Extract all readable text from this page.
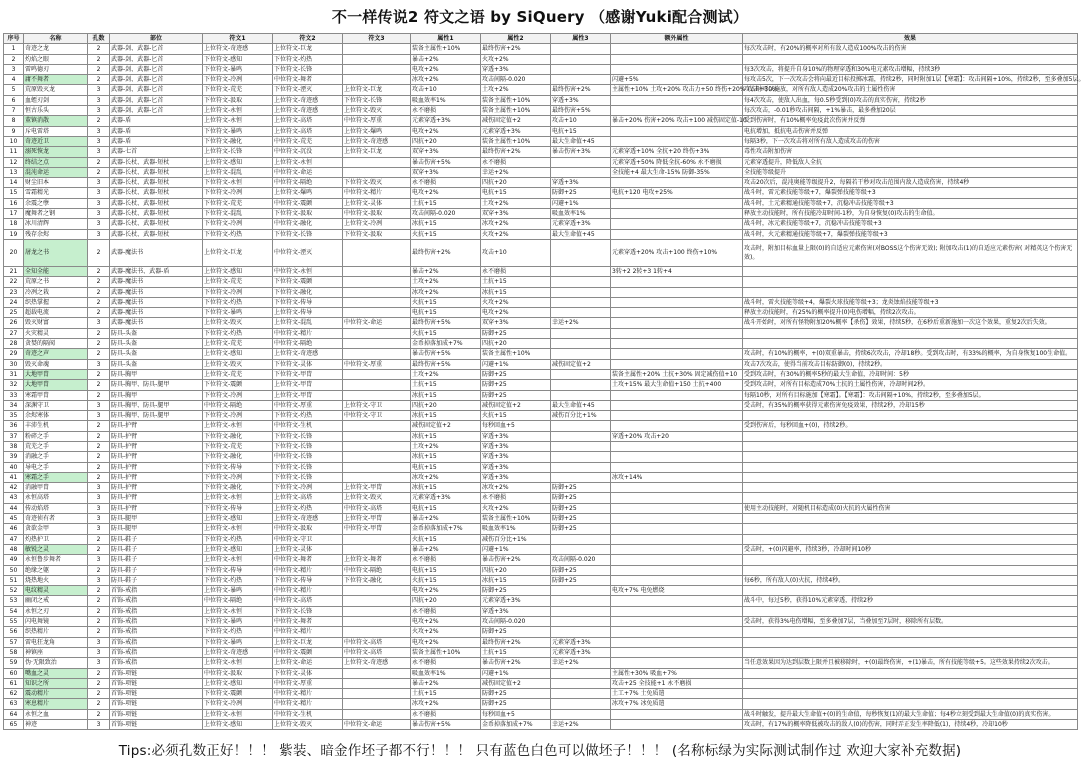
不一样传说2 符文之语 by SiQuery （感谢Yuki配合测试）
序号	名称	孔数	部位	符文1	符文2	符文3	属性1	属性2	属性3	额外属性	效果
1	奇迹之龙	2	武器-剑、武器-匕首	上位符文-奇迹感	上位符文-巨龙		装备主属性+10%	最终伤害+2%			每次攻击时，有20%的概率对所有敌人造成100%攻击的伤害
2	灼焰之眼	2	武器-剑、武器-匕首	下位符文-感知	下位符文-灼热		暴击+2%	火攻+2%			
3	雷鸣德刃	2	武器-剑、武器-匕首	下位符文-暴鸣	下位符文-长锋		电攻+2%	穿透+3%			每3次攻击，将提升自身10%的物理穿透和30%电元素攻击增幅，持续3秒
4	庸不舞者	2	武器-剑、武器-匕首	下位符文-冷冽	中位符文-舞者		冰攻+2%	攻击间隔-0.020		闪避+5%	每攻击5次，下一次攻击会将向最近目标投掷冰霜，持续2秒，同时附加1层【寒霜】：攻击间隔+10%，持续2秒，至多叠加5层。
5	荒原毁灭龙	3	武器-剑、武器-匕首	下位符文-荒芜	下位符文-湮灭	上位符文-巨龙	攻击+10	土攻+2%	最终伤害+2%	主属性+10% 土攻+20% 攻击力+50 终伤+20% 攻击+30%	攻击时可以施放，对所有敌人造成20%攻击的土属性伤害
6	血蛭刃剑	3	武器-剑、武器-匕首	下位符文-汲取	上位符文-奇迹感	下位符文-长锋	吸血效率1%	装备主属性+10%	穿透+3%		每4次攻击，使敌人出血，每0.5秒受到(0)攻击的真实伤害，持续2秒
7	恒古乐头	3	武器-剑、武器-匕首	上位符文-永恒	上位符文-奇迹感	上位符文-毁灭	永不磨损	装备主属性+10%	最终伤害+5%		每次攻击，-0.01秒攻击间隔，+1%暴击，最多叠加20层
8	董镇消散	2	武器-盾	上位符文-永恒	上位符文-高塔	中位符文-厚重	元素穿透+3%	减伤固定值+2	攻击+10	暴击+20% 伤害+20% 攻击+100 减伤固定值-10	受到伤害时，有10%概率免疫此次伤害并反弹
9	斥电雷塔	3	武器-盾	下位符文-暴鸣	上位符文-高塔	上位符文-爆鸣	电攻+2%	元素穿透+3%	电抗+15		电抗增加，抵抗电击伤害并反弹
10	奇迹近卫	3	武器-盾	下位符文-融化	中位符文-荒芜	上位符文-奇迹感	四抗+20	装备主属性+10%	最大生命值+45		每隔3秒，下一次攻击将对所有敌人造成攻击的伤害
11	溺死恢龙	3	武器-七首	上位符文-长锋	中位符文-沉没	上位符文-巨龙	双穿+3%	最终伤害+2%	暴击伤害+3%	元素穿透+10% 全抗+20 终伤+3%	毒性攻击附加伤害
12	终结之点	2	武器-长杖、武器-短杖	上位符文-感知	上位符文-永恒		暴击伤害+5%	永不磨损		元素穿透+50% 降低全抗-60% 永不磨损	元素穿透提升，降低敌人全抗
13	混沌命运	2	武器-长杖、武器-短杖	上位符文-混乱	中位符文-命运		双穿+3%	幸运+2%		全技能+4 最大生命-15% 防御-35%	全技能等级提升
14	财尘旧本	3	武器-长杖、武器-短杖	下位符文-永恒	中位符文-隔绝	下位符文-毁灭	永不磨损	四抗+20	穿透+3%		攻击20次后，混沌奥能等级提升2，每隔若干秒对攻击范围内敌人造成伤害，持续4秒
15	雪霜精光	3	武器-长杖、武器-短杖	下位符文-冷冽	上位符文-爆鸣	中位符文-精片	电攻+2%	电抗+15	防御+25	电抗+120 电攻+25%	战斗时，雷元素技能等级+7，爆裂弹技能等级+3
16	余震之孽	3	武器-长杖、武器-短杖	下位符文-荒芜	中位符文-震颤	上位符文-灵体	土抗+15	土攻+2%	闪避+1%		战斗时，土元素精通技能等级+7，沉稳冲击技能等级+3
17	魔舞者之钢	3	武器-长杖、武器-短杖	下位符文-混乱	下位符文-汲取	中位符文-汲取	攻击间隔-0.020	双穿+3%	吸血效率1%		释放主动技能时，所有技能冷却时间-1秒，为自身恢复(0)攻击的生命值。
18	冰川清辉	3	武器-长杖、武器-短杖	下位符文-冷冽	中位符文-融化	上位符文-冷冽	冰抗+15	冰攻+2%	元素穿透+3%		战斗时，冰元素技能等级+7，沉稳冲击技能等级+3
19	残存余烬	3	武器-长杖、武器-短杖	下位符文-灼热	下位符文-长锋	下位符文-汲取	火抗+15	火攻+2%	最大生命值+45		战斗时，火元素精通技能等级+7，爆裂弹技能等级+3
20	屠龙之书	2	武器-魔法书	上位符文-巨龙	中位符文-湮灭		最终伤害+2%	攻击+10		元素穿透+20% 攻击+100 终伤+10%	攻击时，附加目标血量上限(0)的自适应元素伤害(对BOSS这个伤害无效); 附加攻击(1)的自适应元素伤害( 对精英这个伤害无效)。
21	全知全能	2	武器-魔法书、武器-盾	上位符文-感知	中位符文-永恒		暴击+2%	永不磨损		3转+2 2转+3 1转+4	
22	荒原之书	2	武器-魔法书	上位符文-荒芜	下位符文-震颤		土攻+2%	土抗+15			
23	冷冽之栽	2	武器-魔法书	下位符文-冷冽	下位符文-融化		冰攻+2%	冰抗+15			
24	织热掌握	2	武器-魔法书	下位符文-灼热	下位符文-传导		火抗+15	火攻+2%			战斗时，雷火技能等级+4，爆裂火球技能等级+3；龙炎蚀焰技能等级+3
25	超载电流	2	武器-魔法书	下位符文-暴鸣	上位符文-传导		电抗+15	电攻+2%			释放主动技能时，有25%的概率提升(0)电伤增幅，持续2次攻击。
26	毁灭财富	3	武器-魔法书	上位符文-毁灭	上位符文-混乱	中位符文-命运	最终伤害+5%	双穿+3%	幸运+2%		战斗开始时，对所有怪物附加20%概率【杀伤】效果，持续5秒，在6秒后重新施加一次这个效果，重复2次后失效。
27	火灾精灵	2	防具-头盔	下位符文-灼热	中位符文-精片		火抗+15	防御+25			
28	贪婪的隔阂	2	防具-头盔	上位符文-荒芜	中位符文-隔绝		金币掉落加成+7%	四抗+20			
29	奇迹之声	2	防具-头盔	上位符文-感知	上位符文-奇迹感		暴击伤害+5%	装备主属性+10%			攻击时，有10%的概率，+(0)双重暴击，持续6次攻击，冷却18秒。受到攻击时，有33%的概率，为自身恢复100生命值。
30	毁灭命魂	3	防具-头盔	上位符文-毁灭	下位符文-灵体	中位符文-厚重	最终伤害+5%	闪避+1%	减伤固定值+2		攻击7次攻击，使得当前攻击目标防御(0)，持续2秒。
31	大地甲胄	2	防具-胸甲	上位符文-荒芜	下位符文-甲胄		土攻+2%	防御+25		装备主属性+20% 土抗+30% 固定减伤值+10	受到攻击时，有30%的概率5秒的最大生命值，冷却时间：5秒
32	大地甲胄	2	防具-胸甲、防具-腿甲	下位符文-震颤	上位符文-甲胄		土抗+15	防御+25		土攻+15% 最大生命值+150 土抗+400	受到攻击时，对所有目标造成70%土抗的土属性伤害，冷却时间2秒。
33	寒霜甲胄	2	防具-胸甲	下位符文-冷冽	上位符文-甲胄		冰抗+15	防御+25			每隔10秒，对所有目标施加【寒霜】。【寒霜】：攻击间隔+10%，持续2秒，至多叠加5层。
34	深渊守卫	3	防具-胸甲、防具-腿甲	中位符文-隔绝	中位符文-厚重	上位符文-守卫	四抗+20	减伤固定值+2	最大生命值+45		受击时，有35%的概率获得元素伤害免疫效果，持续2秒，冷却15秒
35	余烬寒体	3	防具-胸甲、防具-腿甲	下位符文-冷冽	下位符文-灼热	中位符文-守卫	冰抗+15	火抗+15	减伤百分比+1%		
36	丰沛生机	2	防具-护臂	上位符文-永恒	中位符文-生机		减伤固定值+2	每秒回血+5			受到伤害后，每秒回血+(0)，持续2秒。
37	粉碎之手	2	防具-护臂	下位符文-融化	下位符文-长锋		冰抗+15	穿透+3%		穿透+20% 攻击+20	
38	荒芜之手	2	防具-护臂	下位符文-荒芜	下位符文-长锋		土攻+2%	穿透+3%			
39	消融之手	2	防具-护臂	下位符文-融化	中位符文-长锋		冰抗+15	穿透+3%			
40	导电之手	2	防具-护臂	下位符文-传导	下位符文-长锋		电抗+15	穿透+3%			
41	寒霜之手	2	防具-护臂	下位符文-冷冽	下位符文-长锋		冰攻+2%	穿透+3%		冰攻+14%	
42	消融甲胄	3	防具-护臂	下位符文-融化	下位符文-冷冽	上位符文-甲胄	冰抗+15	冰攻+2%	防御+25		
43	永恒高塔	3	防具-护臂	上位符文-永恒	上位符文-高塔	上位符文-毁灭	元素穿透+3%	永不磨损	防御+25		
44	传动焰塔	3	防具-护臂	下位符文-传导	上位符文-灼热	中位符文-高塔	电抗+15	火攻+2%	防御+25		使用主动技能时，对随机目标造成(0)火抗的火属性伤害
45	奇迹侦有者	3	防具-腿甲	上位符文-感知	上位符文-奇迹感	上位符文-甲胄	暴击+2%	装备主属性+10%	防御+25		
46	贪欲金甲	3	防具-腿甲	上位符文-永恒	中位符文-汲取	中位符文-甲胄	金币掉落加成+7%	吸血效率1%	防御+25		
47	灼热护卫	2	防具-鞋子	下位符文-灼热	中位符文-守卫		火抗+15	减伤百分比+1%			
48	敏锐之灵	2	防具-鞋子	上位符文-感知	上位符文-灵体		暴击+2%	闪避+1%			受击时，+(0)闪避率，持续3秒，冷却时间10秒
49	永恒鲁步舞者	3	防具-鞋子	上位符文-永恒	中位符文-舞者	上位符文-舞者	永不磨损	暴击伤害+2%	攻击间隔-0.020		
50	绝缘之躯	2	防具-鞋子	下位符文-传导	中位符文-精片	中位符文-隔绝	电抗+15	四抗+20	防御+25		
51	烧热地火	3	防具-鞋子	下位符文-灼热	下位符文-传导	下位符文-融化	火抗+15	冰抗+15	防御+25		每6秒，所有敌人(0)火抗，持续4秒。
52	电纹精灵	2	首饰-戒指	上位符文-暴鸣	中位符文-精片		电攻+2%	防御+25		电攻+7% 电免燃烧	
53	幽闭之戒	2	首饰-戒指	中位符文-隔绝	中位符文-高塔		四抗+20	元素穿透+3%			战斗中，每过5秒，获得10%元素穿透，持续2秒
54	永恒之刃	2	首饰-戒指	上位符文-永恒	下位符文-长锋		永不磨损	穿透+3%			
55	闪电舞镜	2	首饰-戒指	下位符文-暴鸣	中位符文-舞者		电攻+2%	攻击间隔-0.020			受击时，获得3%电伤增幅，至多叠加7层，当叠加至7层时，移除所有层数。
56	织热精片	2	首饰-戒指	下位符文-灼热	中位符文-精片		火攻+2%	防御+25			
57	雷电狂龙角	3	首饰-戒指	下位符文-暴鸣	上位符文-巨龙	中位符文-高塔	电攻+2%	最终伤害+2%	元素穿透+3%		
58	神镇座	3	首饰-戒指	上位符文-奇迹感	中位符文-震颤	中位符文-高塔	装备主属性+10%	土抗+15	元素穿透+3%		
59	伪·无限致治	3	首饰-戒指	上位符文-永恒	上位符文-命运	上位符文-奇迹感	永不磨损	暴击伤害+2%	幸运+2%		当任意效果因为达到层数上限并且被移除时，+(0)最终伤害，+(1)暴击，所有技能等级+5。这些效果持续2次攻击。
60	嘴血之灵	2	首饰-项链	中位符文-汲取	下位符文-灵体		吸血效率1%	闪避+1%		主属性+30% 吸血+7%	
61	知识之所	2	首饰-项链	上位符文-感知	中位符文-厚重		暴击+2%	减伤固定值+2		攻击+25 全技能+1 永不磨损	
62	震动精片	2	首饰-项链	下位符文-震颤	中位符文-精片		土抗+15	防御+25		土工+7% 土免质遣	
63	寒息精片	2	首饰-项链	下位符文-冷冽	中位符文-精片		冰攻+2%	防御+25		冰攻+7% 冰免质遣	
64	永恒之血	2	首饰-项链	上位符文-永恒	中位符文-生机		永不磨损	每秒回血+5			战斗时触发，提升最大生命值+(0)的生命值，每秒恢复(1)的最大生命值；每4秒立刻受到最大生命值(0)的真实伤害。
65	神迹	3	首饰-项链	上位符文-感知	上位符文-毁灭	中位符文-命运	暴击伤害+5%	金币掉落加成+7%	幸运+2%		攻击时，有17%的概率降低被攻击的敌人(0)的伤害，同时弄正发生率降低(1)，持续4秒，冷却10秒
Tips:必须孔数正好！！！ 紫装、暗金作坯子都不行！！！ 只有蓝色白色可以做坯子！！！ (名称标绿为实际测试制作过 欢迎大家补充数据)
